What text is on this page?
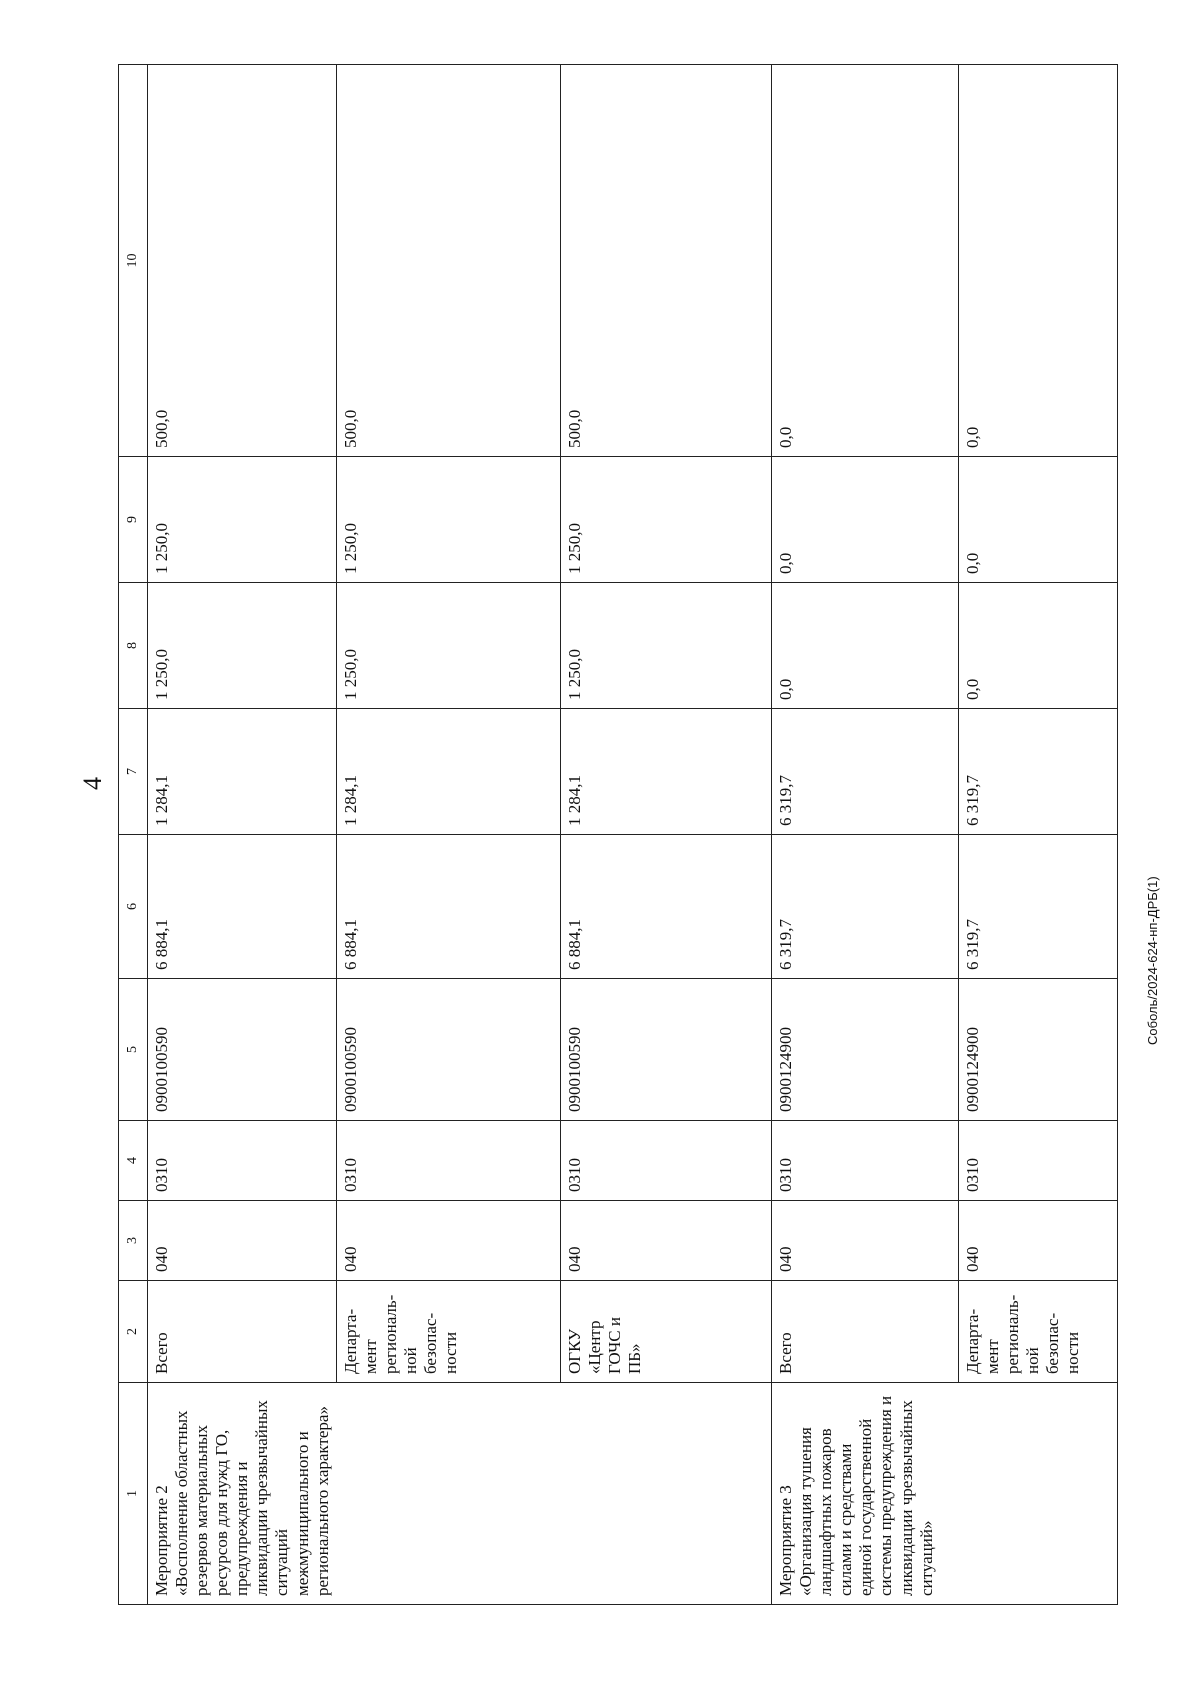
4
Соболь/2024-624-нп-ДРБ(1)
1	2	3	4	5	6	7	8	9	10
Мероприятие 2 «Восполнение областных резервов материальных ресурсов для нужд ГО, предупреждения и ликвидации чрезвычайных ситуаций межмуниципального и регионального характера»	Всего	040	0310	0900100590	6 884,1	1 284,1	1 250,0	1 250,0	500,0
	Департа-мент региональ-ной безопас-ности	040	0310	0900100590	6 884,1	1 284,1	1 250,0	1 250,0	500,0
	ОГКУ «Центр ГОЧС и ПБ»	040	0310	0900100590	6 884,1	1 284,1	1 250,0	1 250,0	500,0
Мероприятие 3 «Организация тушения ландшафтных пожаров силами и средствами единой государственной системы предупреждения и ликвидации чрезвычайных ситуаций»	Всего	040	0310	0900124900	6 319,7	6 319,7	0,0	0,0	0,0
	Департа-мент региональ-ной безопас-ности	040	0310	0900124900	6 319,7	6 319,7	0,0	0,0	0,0
